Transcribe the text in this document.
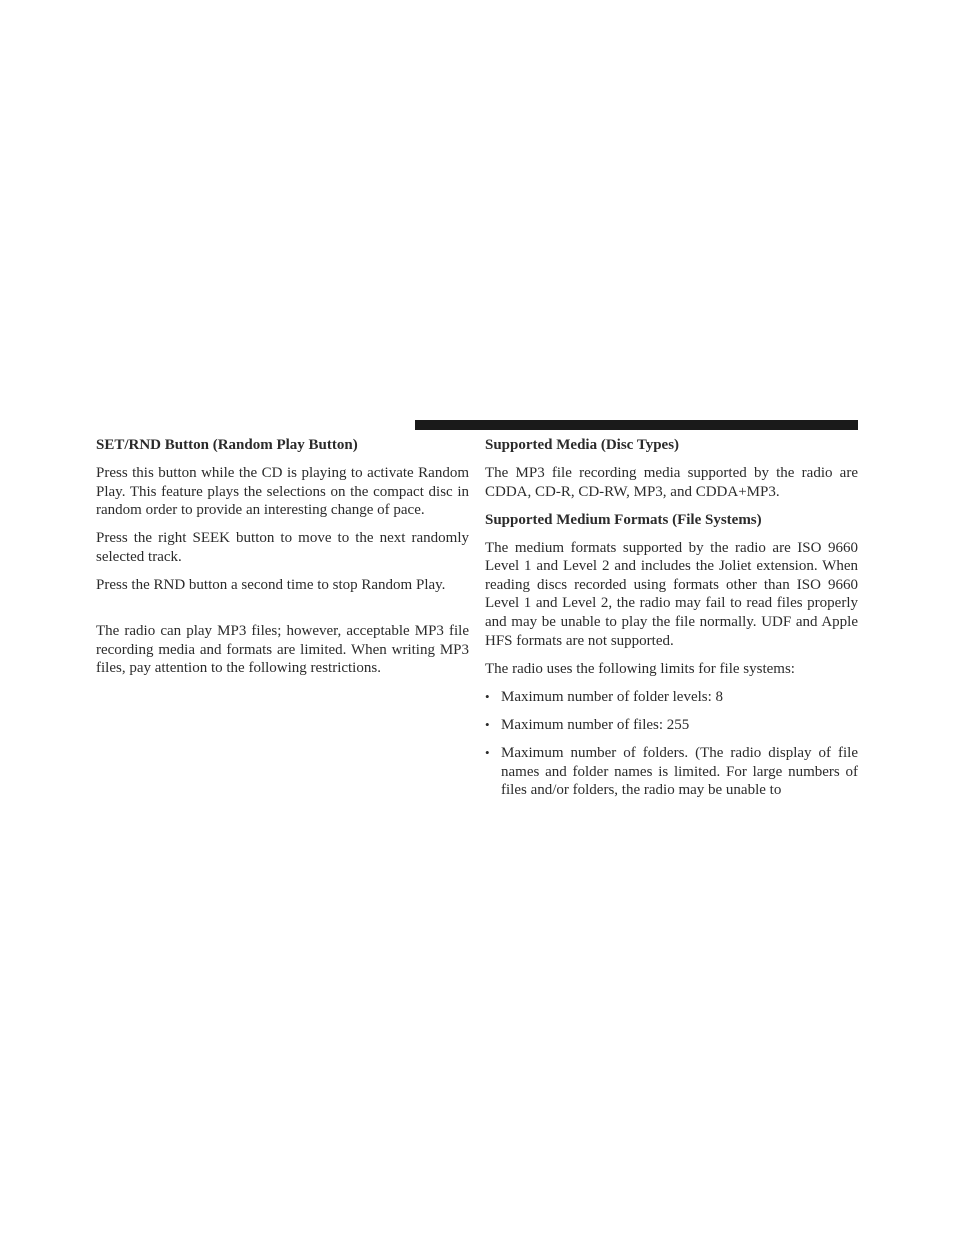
SET/RND Button (Random Play Button)

Press this button while the CD is playing to activate Random Play. This feature plays the selections on the compact disc in random order to provide an interesting change of pace.

Press the right SEEK button to move to the next randomly selected track.

Press the RND button a second time to stop Random Play.

The radio can play MP3 files; however, acceptable MP3 file recording media and formats are limited. When writing MP3 files, pay attention to the following restrictions.

Supported Media (Disc Types)

The MP3 file recording media supported by the radio are CDDA, CD-R, CD-RW, MP3, and CDDA+MP3.

Supported Medium Formats (File Systems)

The medium formats supported by the radio are ISO 9660 Level 1 and Level 2 and includes the Joliet extension. When reading discs recorded using formats other than ISO 9660 Level 1 and Level 2, the radio may fail to read files properly and may be unable to play the file normally. UDF and Apple HFS formats are not supported.

The radio uses the following limits for file systems:

• Maximum number of folder levels: 8
• Maximum number of files: 255
• Maximum number of folders. (The radio display of file names and folder names is limited. For large numbers of files and/or folders, the radio may be unable to
